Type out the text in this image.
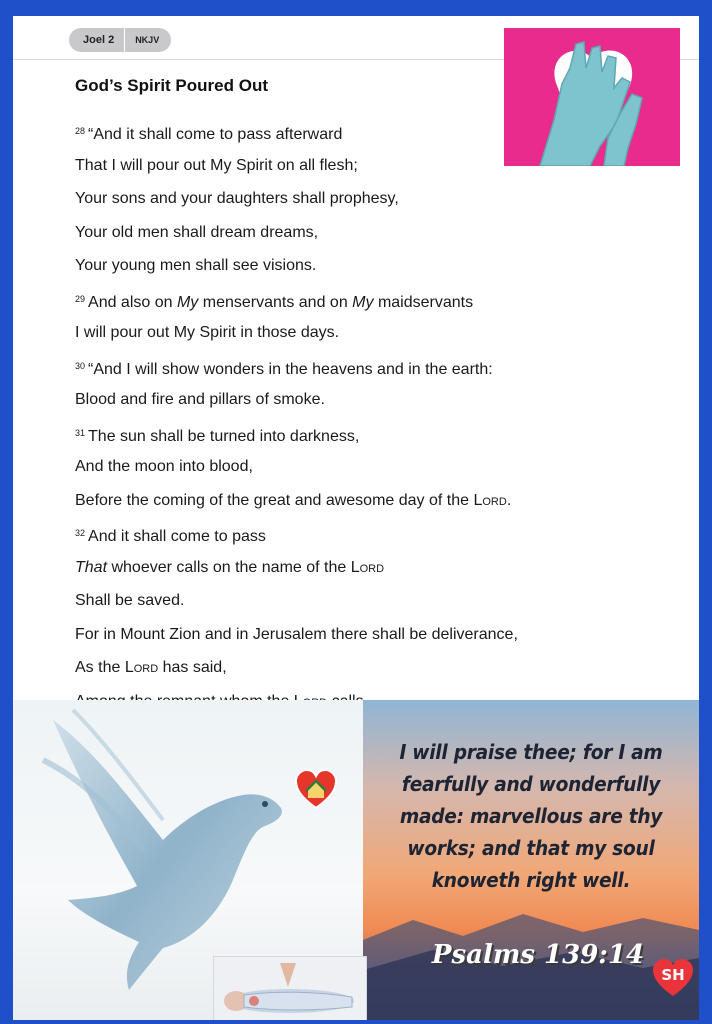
Joel 2	NKJV
God’s Spirit Poured Out
$^{28}$ “And it shall come to pass afterward
That I will pour out My Spirit on all flesh;
Your sons and your daughters shall prophesy,
Your old men shall dream dreams,
Your young men shall see visions.
$^{29}$ And also on My menservants and on My maidservants
I will pour out My Spirit in those days.
$^{30}$ “And I will show wonders in the heavens and in the earth:
Blood and fire and pillars of smoke.
$^{31}$ The sun shall be turned into darkness,
And the moon into blood,
Before the coming of the great and awesome day of the Lord.
$^{32}$ And it shall come to pass
That whoever calls on the name of the Lord
Shall be saved.
For in Mount Zion and in Jerusalem there shall be deliverance,
As the Lord has said,
I will praise thee; for I am fearfully and wonderfully made: marvellous are thy works; and that my soul knoweth right well.
Psalms 139:14
SH
